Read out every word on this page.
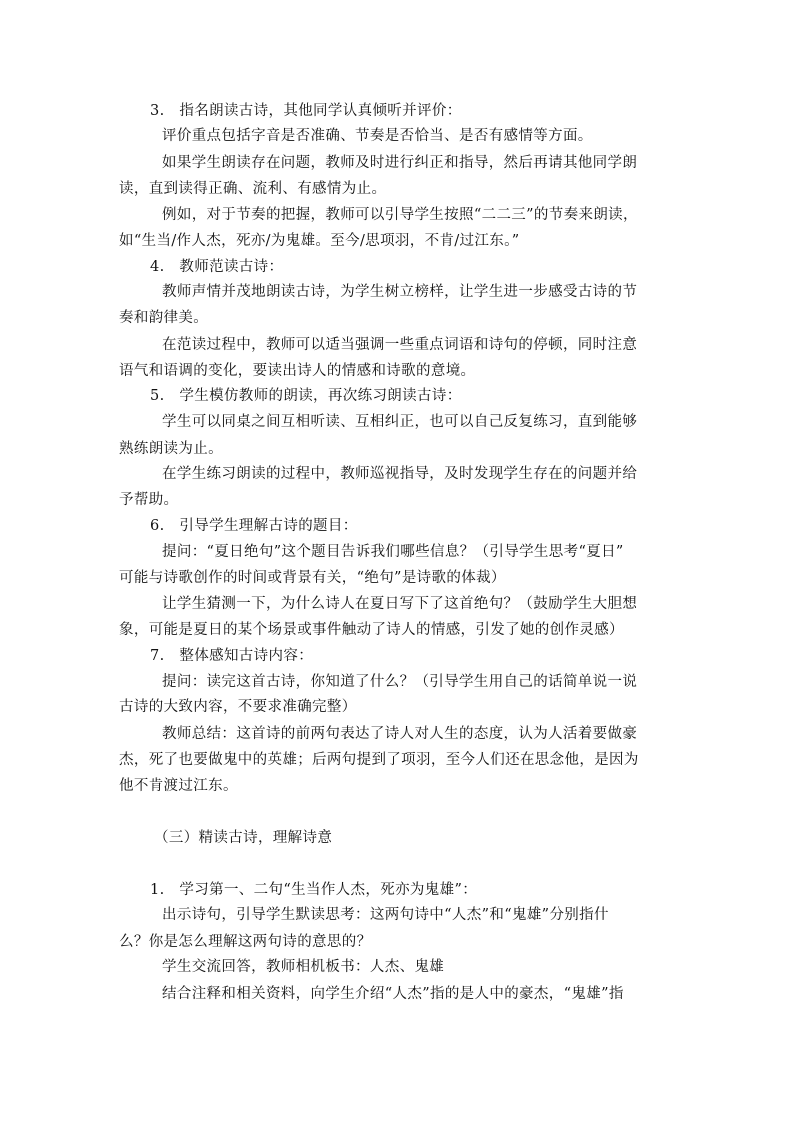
3.   指名朗读古诗，其他同学认真倾听并评价：
评价重点包括字音是否准确、节奏是否恰当、是否有感情等方面。
如果学生朗读存在问题，教师及时进行纠正和指导，然后再请其他同学朗
读，直到读得正确、流利、有感情为止。
例如，对于节奏的把握，教师可以引导学生按照“二二三”的节奏来朗读，
如“生当/作人杰，死亦/为鬼雄。至今/思项羽，不肯/过江东。”
4.   教师范读古诗：
教师声情并茂地朗读古诗，为学生树立榜样，让学生进一步感受古诗的节
奏和韵律美。
在范读过程中，教师可以适当强调一些重点词语和诗句的停顿，同时注意
语气和语调的变化，要读出诗人的情感和诗歌的意境。
5.   学生模仿教师的朗读，再次练习朗读古诗：
学生可以同桌之间互相听读、互相纠正，也可以自己反复练习，直到能够
熟练朗读为止。
在学生练习朗读的过程中，教师巡视指导，及时发现学生存在的问题并给
予帮助。
6.   引导学生理解古诗的题目：
提问：“夏日绝句”这个题目告诉我们哪些信息？（引导学生思考“夏日”
可能与诗歌创作的时间或背景有关，“绝句”是诗歌的体裁）
让学生猜测一下，为什么诗人在夏日写下了这首绝句？（鼓励学生大胆想
象，可能是夏日的某个场景或事件触动了诗人的情感，引发了她的创作灵感）
7.   整体感知古诗内容：
提问：读完这首古诗，你知道了什么？（引导学生用自己的话简单说一说
古诗的大致内容，不要求准确完整）
教师总结：这首诗的前两句表达了诗人对人生的态度，认为人活着要做豪
杰，死了也要做鬼中的英雄；后两句提到了项羽，至今人们还在思念他，是因为
他不肯渡过江东。
（三）精读古诗，理解诗意
1.   学习第一、二句“生当作人杰，死亦为鬼雄”：
出示诗句，引导学生默读思考：这两句诗中“人杰”和“鬼雄”分别指什
么？你是怎么理解这两句诗的意思的？
学生交流回答，教师相机板书：人杰、鬼雄
结合注释和相关资料，向学生介绍“人杰”指的是人中的豪杰，“鬼雄”指
